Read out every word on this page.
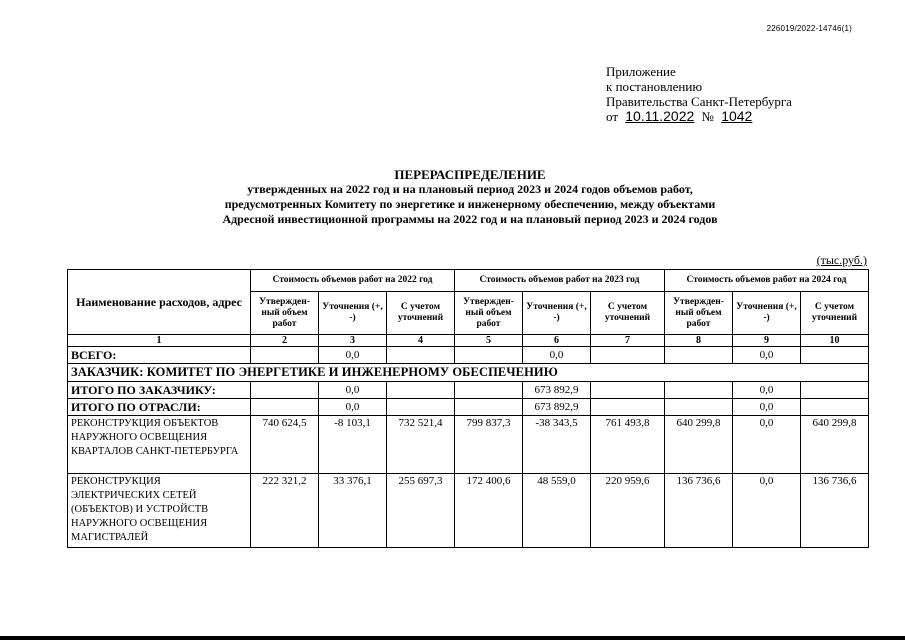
226019/2022-14746(1)
Приложение
к постановлению
Правительства Санкт-Петербурга
от 10.11.2022 № 1042
ПЕРЕРАСПРЕДЕЛЕНИЕ
утвержденных на 2022 год и на плановый период 2023 и 2024 годов объемов работ,
предусмотренных Комитету по энергетике и инженерному обеспечению, между объектами
Адресной инвестиционной программы на 2022 год и на плановый период 2023 и 2024 годов
(тыс.руб.)
Наименование расходов, адрес	Стоимость объемов работ на 2022 год			Стоимость объемов работ на 2023 год			Стоимость объемов работ на 2024 год		
	Утвержден-ный объем работ	Уточнения (+, -)	С учетом уточнений	Утвержден-ный объем работ	Уточнения (+, -)	С учетом уточнений	Утвержден-ный объем работ	Уточнения (+, -)	С учетом уточнений
1	2	3	4	5	6	7	8	9	10
ВСЕГО:		0,0			0,0			0,0	
ЗАКАЗЧИК: КОМИТЕТ ПО ЭНЕРГЕТИКЕ И ИНЖЕНЕРНОМУ ОБЕСПЕЧЕНИЮ									
ИТОГО ПО ЗАКАЗЧИКУ:		0,0			673 892,9			0,0	
ИТОГО ПО ОТРАСЛИ:		0,0			673 892,9			0,0	
РЕКОНСТРУКЦИЯ ОБЪЕКТОВ НАРУЖНОГО ОСВЕЩЕНИЯ КВАРТАЛОВ САНКТ-ПЕТЕРБУРГА	740 624,5	-8 103,1	732 521,4	799 837,3	-38 343,5	761 493,8	640 299,8	0,0	640 299,8
РЕКОНСТРУКЦИЯ ЭЛЕКТРИЧЕСКИХ СЕТЕЙ (ОБЪЕКТОВ) И УСТРОЙСТВ НАРУЖНОГО ОСВЕЩЕНИЯ МАГИСТРАЛЕЙ	222 321,2	33 376,1	255 697,3	172 400,6	48 559,0	220 959,6	136 736,6	0,0	136 736,6
